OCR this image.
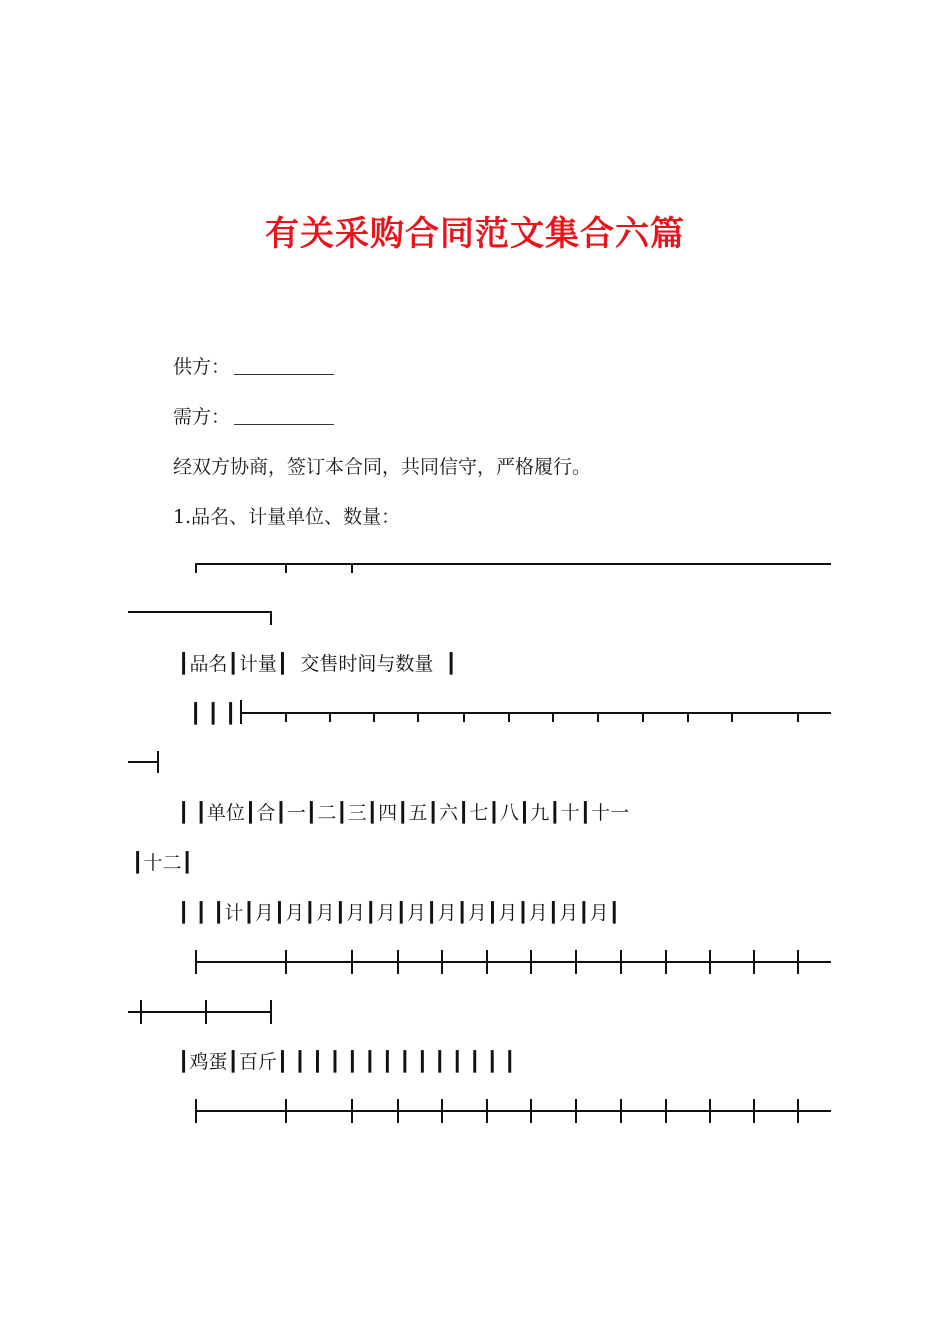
有关采购合同范文集合六篇
供方：
需方：
经双方协商，签订本合同，共同信守，严格履行。
1.品名、计量单位、数量：
┃品名┃计量┃  交售时间与数量  ┃
┃ ┃ ┃
┃ ┃单位┃合┃一┃二┃三┃四┃五┃六┃七┃八┃九┃十┃十一
┃十二┃
┃ ┃ ┃计┃月┃月┃月┃月┃月┃月┃月┃月┃月┃月┃月┃月┃
┃鸡蛋┃百斤┃ ┃ ┃ ┃ ┃ ┃ ┃ ┃ ┃ ┃ ┃ ┃ ┃ ┃
